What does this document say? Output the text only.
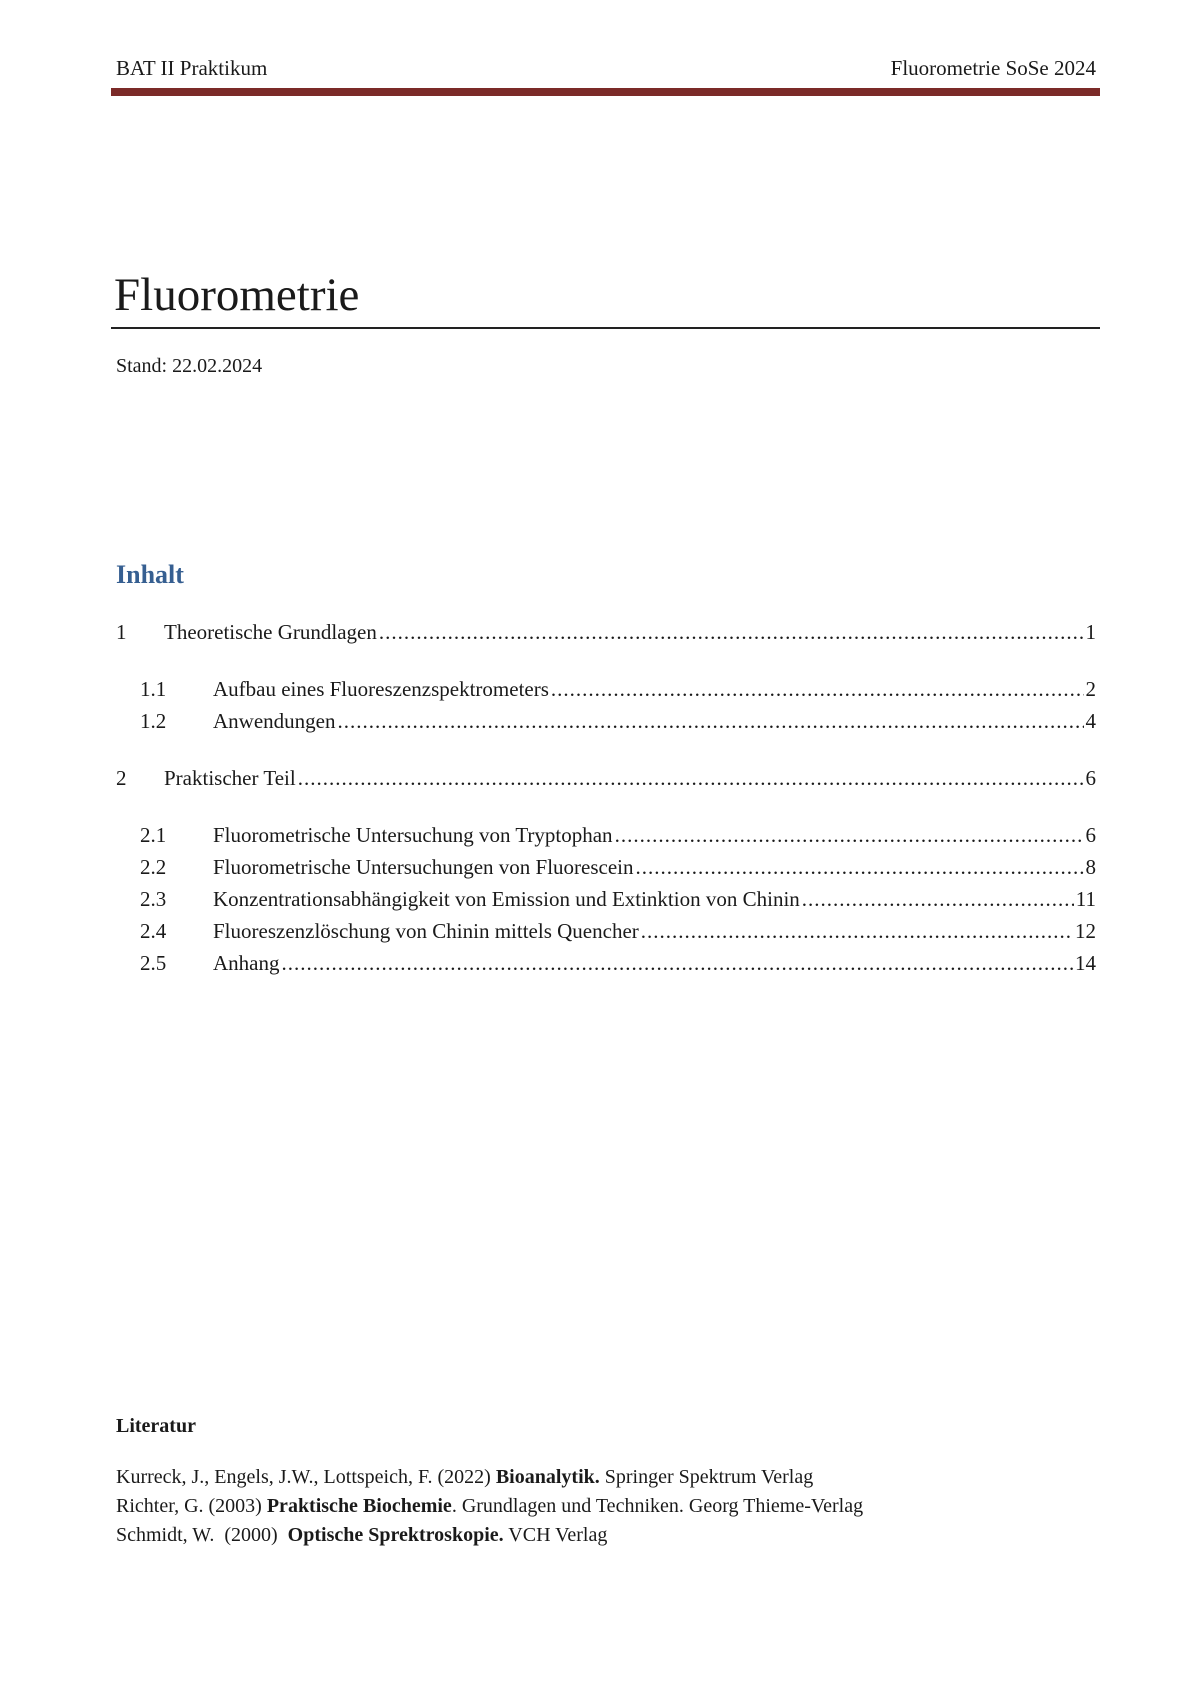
BAT II Praktikum	Fluorometrie SoSe 2024
Fluorometrie
Stand: 22.02.2024
Inhalt
1	Theoretische Grundlagen .....	1
1.1	Aufbau eines Fluoreszenzspektrometers .....	2
1.2	Anwendungen .....	4
2	Praktischer Teil .....	6
2.1	Fluorometrische Untersuchung von Tryptophan .....	6
2.2	Fluorometrische Untersuchungen von Fluorescein .....	8
2.3	Konzentrationsabhängigkeit von Emission und Extinktion von Chinin .....	11
2.4	Fluoreszenzlöschung von Chinin mittels Quencher .....	12
2.5	Anhang .....	14
Literatur
Kurreck, J., Engels, J.W., Lottspeich, F. (2022) Bioanalytik. Springer Spektrum Verlag
Richter, G. (2003) Praktische Biochemie. Grundlagen und Techniken. Georg Thieme-Verlag
Schmidt, W.  (2000)  Optische Sprektroskopie. VCH Verlag
